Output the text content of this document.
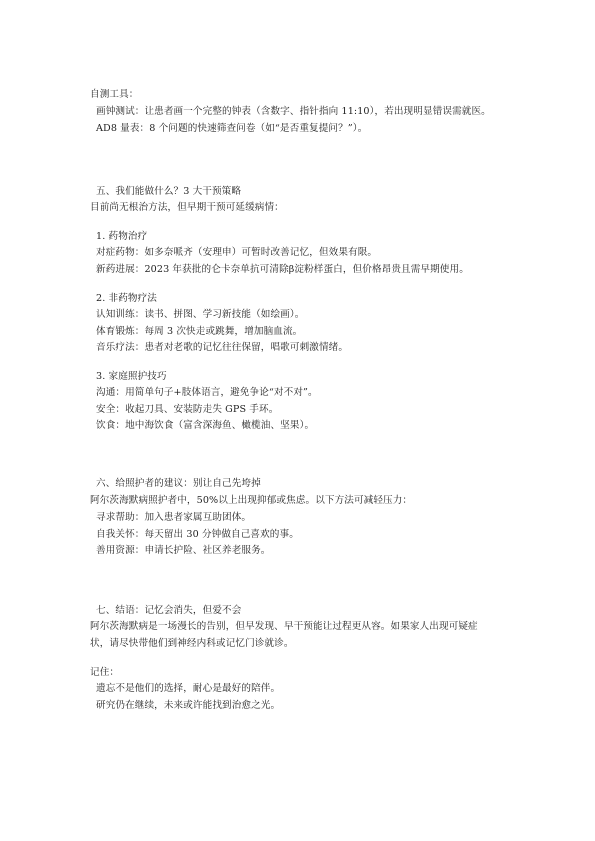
自测工具：
画钟测试：让患者画一个完整的钟表（含数字、指针指向 11:10），若出现明显错误需就医。
AD8 量表：8 个问题的快速筛查问卷（如“是否重复提问？”）。
五、我们能做什么？3 大干预策略
目前尚无根治方法，但早期干预可延缓病情：
1. 药物治疗
对症药物：如多奈哌齐（安理申）可暂时改善记忆，但效果有限。
新药进展：2023 年获批的仑卡奈单抗可清除β淀粉样蛋白，但价格昂贵且需早期使用。
2. 非药物疗法
认知训练：读书、拼图、学习新技能（如绘画）。
体育锻炼：每周 3 次快走或跳舞，增加脑血流。
音乐疗法：患者对老歌的记忆往往保留，唱歌可刺激情绪。
3. 家庭照护技巧
沟通：用简单句子+肢体语言，避免争论“对不对”。
安全：收起刀具、安装防走失 GPS 手环。
饮食：地中海饮食（富含深海鱼、橄榄油、坚果）。
六、给照护者的建议：别让自己先垮掉
阿尔茨海默病照护者中，50%以上出现抑郁或焦虑。以下方法可减轻压力：
寻求帮助：加入患者家属互助团体。
自我关怀：每天留出 30 分钟做自己喜欢的事。
善用资源：申请长护险、社区养老服务。
七、结语：记忆会消失，但爱不会
阿尔茨海默病是一场漫长的告别，但早发现、早干预能让过程更从容。如果家人出现可疑症
状，请尽快带他们到神经内科或记忆门诊就诊。
记住：
遗忘不是他们的选择，耐心是最好的陪伴。
研究仍在继续，未来或许能找到治愈之光。
